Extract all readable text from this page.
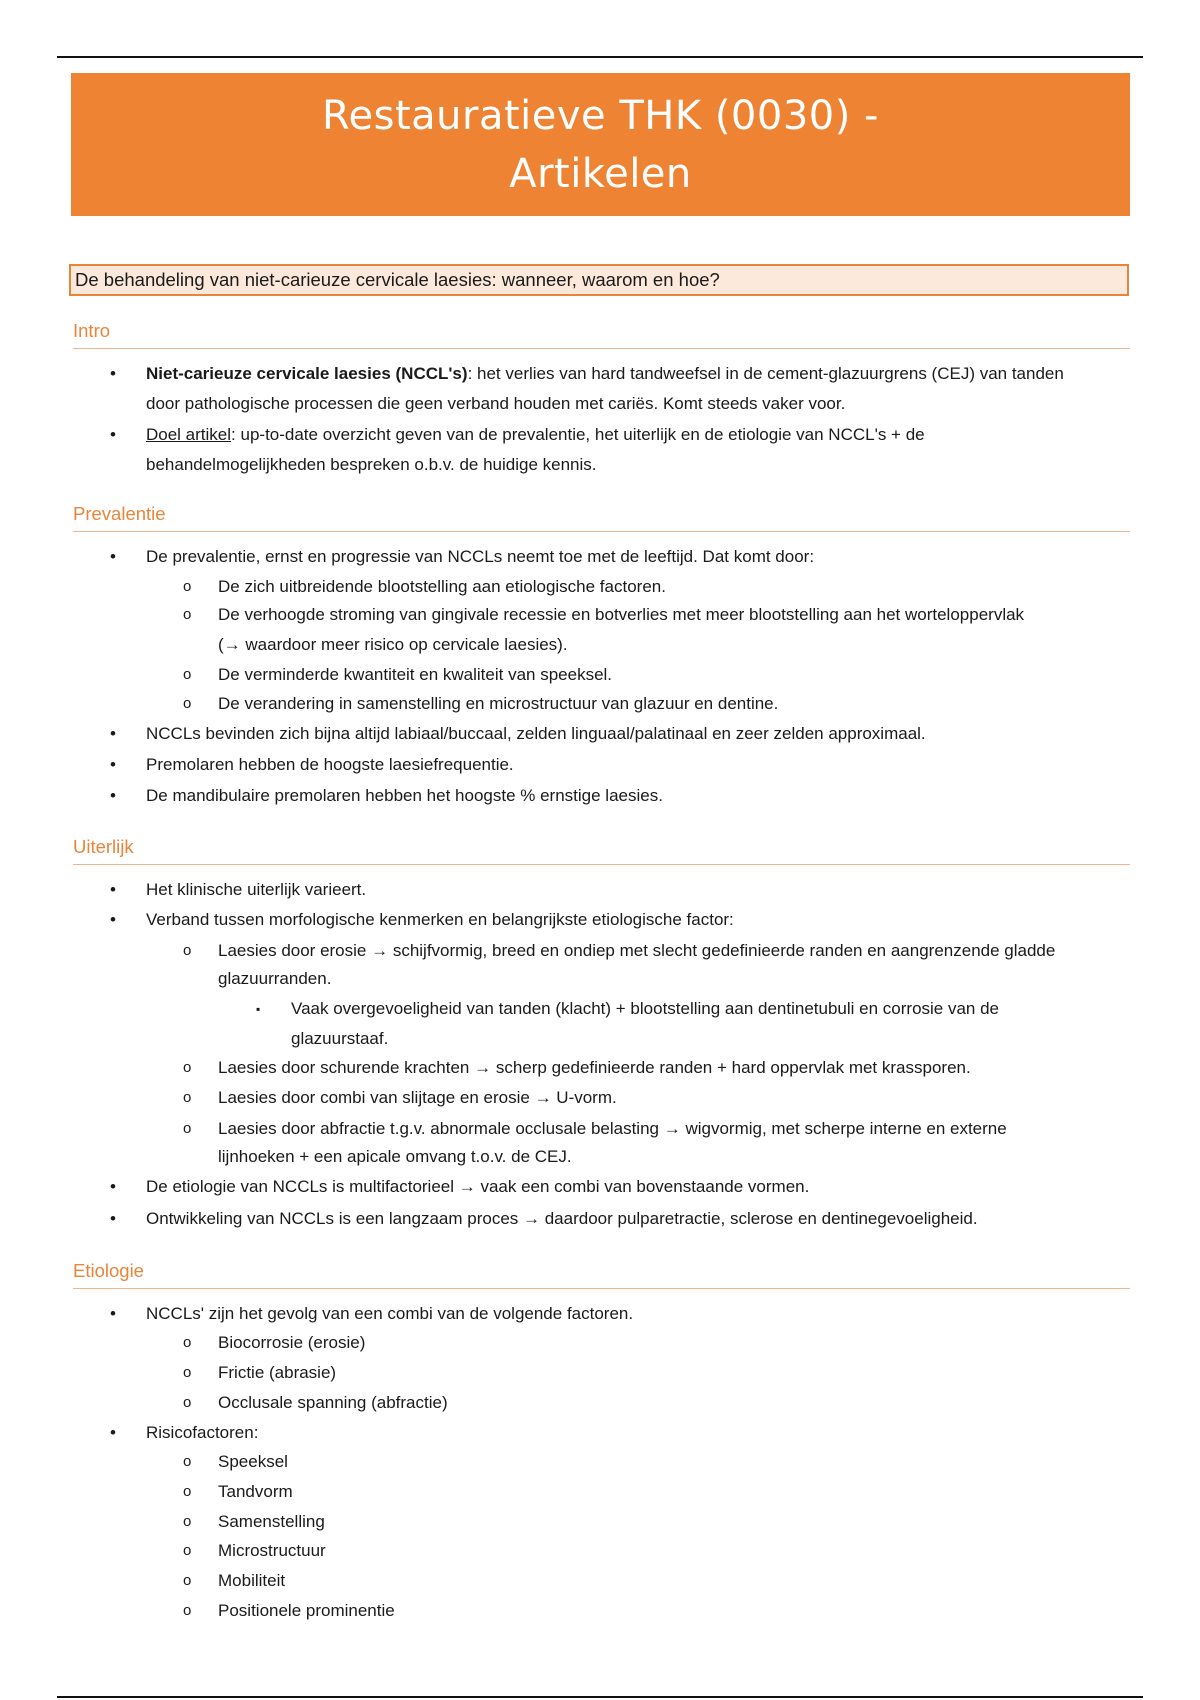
Restauratieve THK (0030) -
Artikelen
De behandeling van niet-carieuze cervicale laesies: wanneer, waarom en hoe?
Intro
• Niet-carieuze cervicale laesies (NCCL's): het verlies van hard tandweefsel in de cement-glazuurgrens (CEJ) van tanden
door pathologische processen die geen verband houden met cariës. Komt steeds vaker voor.
• Doel artikel: up-to-date overzicht geven van de prevalentie, het uiterlijk en de etiologie van NCCL's + de
behandelmogelijkheden bespreken o.b.v. de huidige kennis.
Prevalentie
• De prevalentie, ernst en progressie van NCCLs neemt toe met de leeftijd. Dat komt door:
o De zich uitbreidende blootstelling aan etiologische factoren.
o De verhoogde stroming van gingivale recessie en botverlies met meer blootstelling aan het worteloppervlak
(→ waardoor meer risico op cervicale laesies).
o De verminderde kwantiteit en kwaliteit van speeksel.
o De verandering in samenstelling en microstructuur van glazuur en dentine.
• NCCLs bevinden zich bijna altijd labiaal/buccaal, zelden linguaal/palatinaal en zeer zelden approximaal.
• Premolaren hebben de hoogste laesiefrequentie.
• De mandibulaire premolaren hebben het hoogste % ernstige laesies.
Uiterlijk
• Het klinische uiterlijk varieert.
• Verband tussen morfologische kenmerken en belangrijkste etiologische factor:
o Laesies door erosie → schijfvormig, breed en ondiep met slecht gedefinieerde randen en aangrenzende gladde
glazuurranden.
▪ Vaak overgevoeligheid van tanden (klacht) + blootstelling aan dentinetubuli en corrosie van de
glazuurstaaf.
o Laesies door schurende krachten → scherp gedefinieerde randen + hard oppervlak met krassporen.
o Laesies door combi van slijtage en erosie → U-vorm.
o Laesies door abfractie t.g.v. abnormale occlusale belasting → wigvormig, met scherpe interne en externe
lijnhoeken + een apicale omvang t.o.v. de CEJ.
• De etiologie van NCCLs is multifactorieel → vaak een combi van bovenstaande vormen.
• Ontwikkeling van NCCLs is een langzaam proces → daardoor pulparetractie, sclerose en dentinegevoeligheid.
Etiologie
• NCCLs' zijn het gevolg van een combi van de volgende factoren.
o Biocorrosie (erosie)
o Frictie (abrasie)
o Occlusale spanning (abfractie)
• Risicofactoren:
o Speeksel
o Tandvorm
o Samenstelling
o Microstructuur
o Mobiliteit
o Positionele prominentie
